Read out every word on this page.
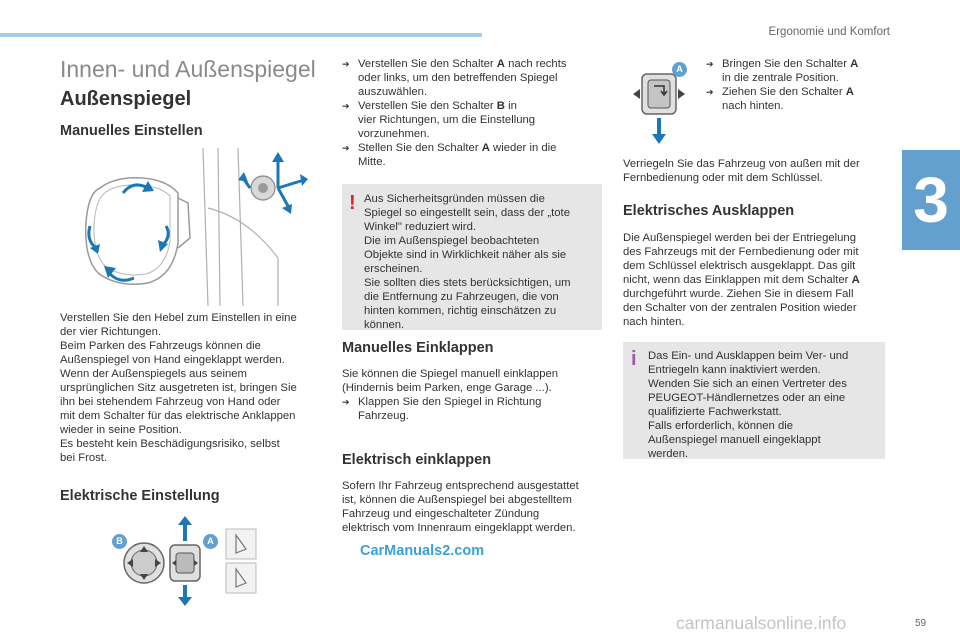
Ergonomie und Komfort
3
Innen- und Außenspiegel
Außenspiegel
Manuelles Einstellen
Verstellen Sie den Hebel zum Einstellen in eine
der vier Richtungen.
Beim Parken des Fahrzeugs können die
Außenspiegel von Hand eingeklappt werden.
Wenn der Außenspiegels aus seinem
ursprünglichen Sitz ausgetreten ist, bringen Sie
ihn bei stehendem Fahrzeug von Hand oder
mit dem Schalter für das elektrische Anklappen
wieder in seine Position.
Es besteht kein Beschädigungsrisiko, selbst
bei Frost.
Elektrische Einstellung
B	A
CarManuals2.com
➔ Verstellen Sie den Schalter A nach rechts
oder links, um den betreffenden Spiegel
auszuwählen.
➔ Verstellen Sie den Schalter B in
vier Richtungen, um die Einstellung
vorzunehmen.
➔ Stellen Sie den Schalter A wieder in die
Mitte.
! Aus Sicherheitsgründen müssen die
Spiegel so eingestellt sein, dass der „tote
Winkel" reduziert wird.
Die im Außenspiegel beobachteten
Objekte sind in Wirklichkeit näher als sie
erscheinen.
Sie sollten dies stets berücksichtigen, um
die Entfernung zu Fahrzeugen, die von
hinten kommen, richtig einschätzen zu
können.
Manuelles Einklappen
Sie können die Spiegel manuell einklappen
(Hindernis beim Parken, enge Garage ...).
➔ Klappen Sie den Spiegel in Richtung
Fahrzeug.
Elektrisch einklappen
Sofern Ihr Fahrzeug entsprechend ausgestattet
ist, können die Außenspiegel bei abgestelltem
Fahrzeug und eingeschalteter Zündung
elektrisch vom Innenraum eingeklappt werden.
A	➔ Bringen Sie den Schalter A
in die zentrale Position.
➔ Ziehen Sie den Schalter A
nach hinten.
Verriegeln Sie das Fahrzeug von außen mit der
Fernbedienung oder mit dem Schlüssel.
Elektrisches Ausklappen
Die Außenspiegel werden bei der Entriegelung
des Fahrzeugs mit der Fernbedienung oder mit
dem Schlüssel elektrisch ausgeklappt. Das gilt
nicht, wenn das Einklappen mit dem Schalter A
durchgeführt wurde. Ziehen Sie in diesem Fall
den Schalter von der zentralen Position wieder
nach hinten.
i Das Ein- und Ausklappen beim Ver- und
Entriegeln kann inaktiviert werden.
Wenden Sie sich an einen Vertreter des
PEUGEOT-Händlernetzes oder an eine
qualifizierte Fachwerkstatt.
Falls erforderlich, können die
Außenspiegel manuell eingeklappt
werden.
carmanualsonline.info	59
